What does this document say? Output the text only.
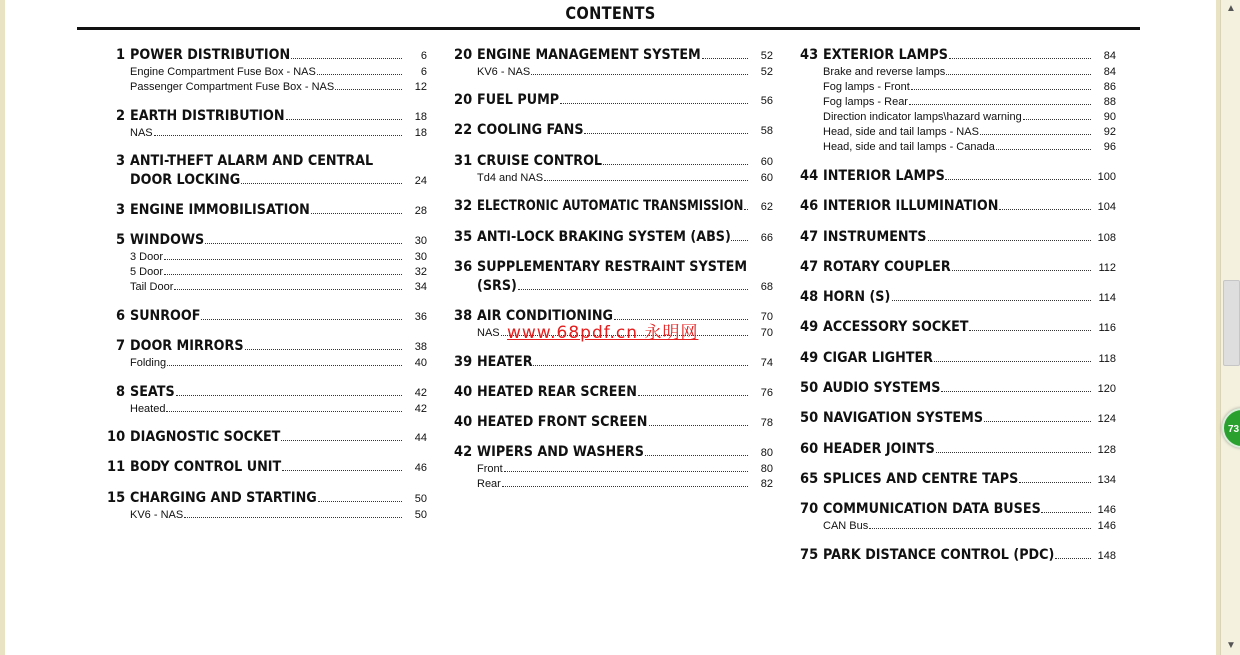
CONTENTS
1 POWER DISTRIBUTION	6
Engine Compartment Fuse Box - NAS	6
Passenger Compartment Fuse Box - NAS	12
2 EARTH DISTRIBUTION	18
NAS	18
3 ANTI-THEFT ALARM AND CENTRAL
DOOR LOCKING	24
3 ENGINE IMMOBILISATION	28
5 WINDOWS	30
3 Door	30
5 Door	32
Tail Door	34
6 SUNROOF	36
7 DOOR MIRRORS	38
Folding	40
8 SEATS	42
Heated	42
10 DIAGNOSTIC SOCKET	44
11 BODY CONTROL UNIT	46
15 CHARGING AND STARTING	50
KV6 - NAS	50
20 ENGINE MANAGEMENT SYSTEM	52
KV6 - NAS	52
20 FUEL PUMP	56
22 COOLING FANS	58
31 CRUISE CONTROL	60
Td4 and NAS	60
32 ELECTRONIC AUTOMATIC TRANSMISSION	62
35 ANTI-LOCK BRAKING SYSTEM (ABS)	66
36 SUPPLEMENTARY RESTRAINT SYSTEM
(SRS)	68
38 AIR CONDITIONING	70
NAS	70
39 HEATER	74
40 HEATED REAR SCREEN	76
40 HEATED FRONT SCREEN	78
42 WIPERS AND WASHERS	80
Front	80
Rear	82
43 EXTERIOR LAMPS	84
Brake and reverse lamps	84
Fog lamps - Front	86
Fog lamps - Rear	88
Direction indicator lamps\hazard warning	90
Head, side and tail lamps - NAS	92
Head, side and tail lamps - Canada	96
44 INTERIOR LAMPS	100
46 INTERIOR ILLUMINATION	104
47 INSTRUMENTS	108
47 ROTARY COUPLER	112
48 HORN (S)	114
49 ACCESSORY SOCKET	116
49 CIGAR LIGHTER	118
50 AUDIO SYSTEMS	120
50 NAVIGATION SYSTEMS	124
60 HEADER JOINTS	128
65 SPLICES AND CENTRE TAPS	134
70 COMMUNICATION DATA BUSES	146
CAN Bus	146
75 PARK DISTANCE CONTROL (PDC)	148
www.68pdf.cn 永明网
▲
▼
73
